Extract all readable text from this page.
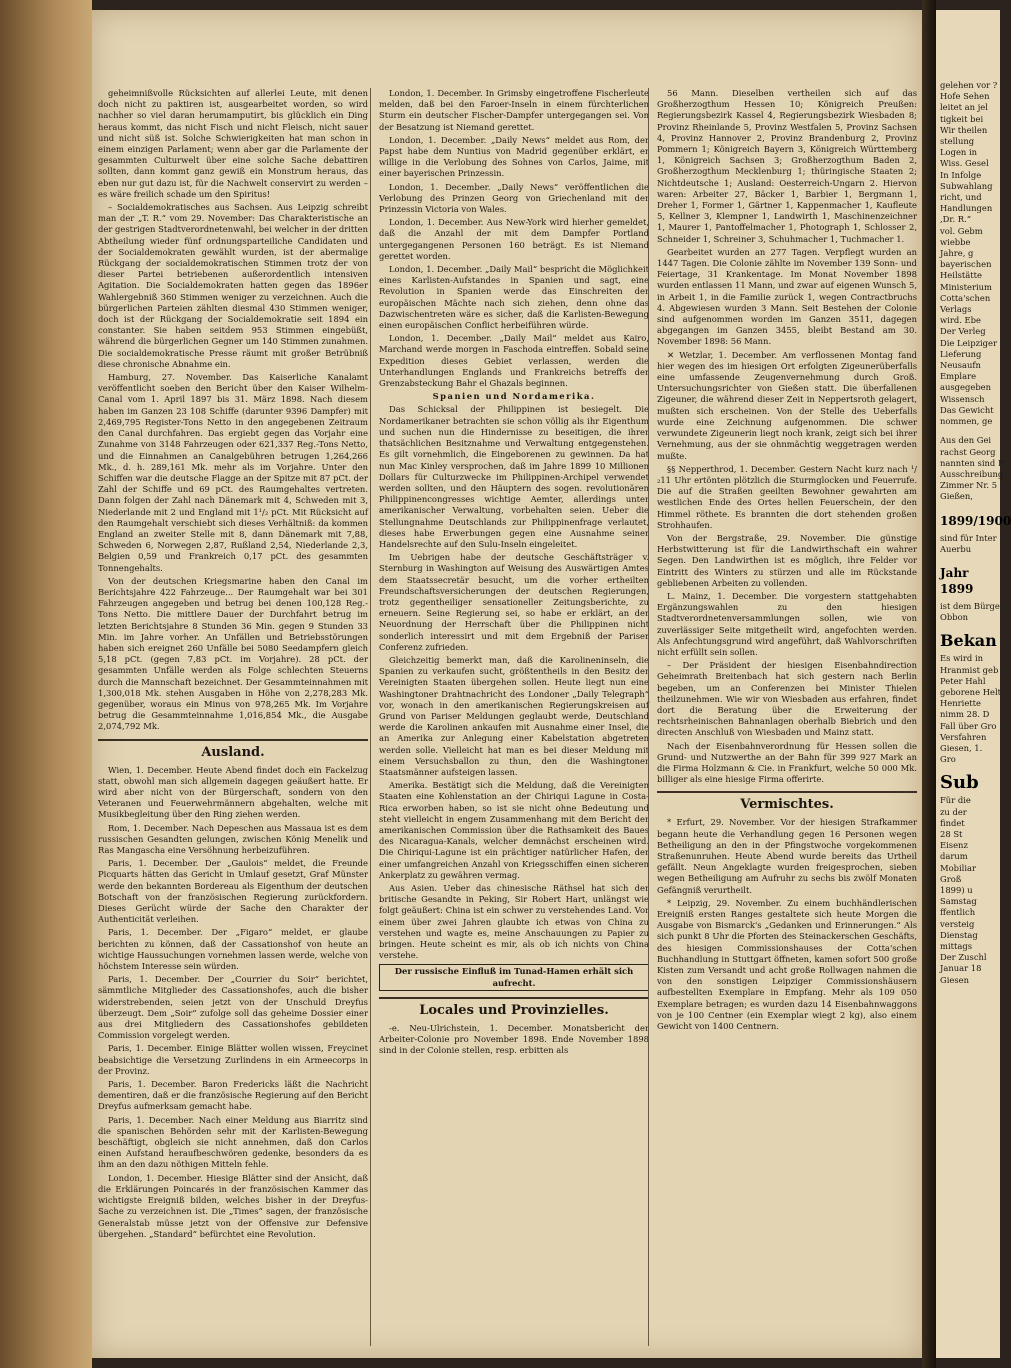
geheimnißvolle Rücksichten auf allerlei Leute, mit denen doch nicht zu paktiren ist, ausgearbeitet worden, so wird nachher so viel daran herumamputirt, bis glücklich ein Ding heraus kommt, das nicht Fisch und nicht Fleisch, nicht sauer und nicht süß ist. Solche Schwierigkeiten hat man schon in einem einzigen Parlament; wenn aber gar die Parlamente der gesammten Culturwelt über eine solche Sache debattiren sollten, dann kommt ganz gewiß ein Monstrum heraus, das eben nur gut dazu ist, für die Nachwelt conservirt zu werden – es wäre freilich schade um den Spiritus!

– Socialdemokratisches aus Sachsen. Aus Leipzig schreibt man der „T. R.“ vom 29. November: Das Charakteristische an der gestrigen Stadtverordnetenwahl, bei welcher in der dritten Abtheilung wieder fünf ordnungsparteiliche Candidaten und der Socialdemokraten gewählt wurden, ist der abermalige Rückgang der socialdemokratischen Stimmen trotz der von dieser Partei betriebenen außerordentlich intensiven Agitation. Die Socialdemokraten hatten gegen das 1896er Wahlergebniß 360 Stimmen weniger zu verzeichnen. Auch die bürgerlichen Parteien zählten diesmal 430 Stimmen weniger, doch ist der Rückgang der Socialdemokratie seit 1894 ein constanter. Sie haben seitdem 953 Stimmen eingebüßt, während die bürgerlichen Gegner um 140 Stimmen zunahmen. Die socialdemokratische Presse räumt mit großer Betrübniß diese chronische Abnahme ein.

Hamburg, 27. November. Das Kaiserliche Kanalamt veröffentlicht soeben den Bericht über den Kaiser Wilhelm-Canal vom 1. April 1897 bis 31. März 1898. Nach diesem haben im Ganzen 23 108 Schiffe (darunter 9396 Dampfer) mit 2,469,795 Register-Tons Netto in den angegebenen Zeitraum den Canal durchfahren. Das ergiebt gegen das Vorjahr eine Zunahme von 3148 Fahrzeugen oder 621,337 Reg.-Tons Netto, und die Einnahmen an Canalgebühren betrugen 1,264,266 Mk., d. h. 289,161 Mk. mehr als im Vorjahre. Unter den Schiffen war die deutsche Flagge an der Spitze mit 87 pCt. der Zahl der Schiffe und 69 pCt. des Raumgehaltes vertreten. Dann folgen der Zahl nach Dänemark mit 4, Schweden mit 3, Niederlande mit 2 und England mit 1¹/₂ pCt. Mit Rücksicht auf den Raumgehalt verschiebt sich dieses Verhältniß: da kommen England an zweiter Stelle mit 8, dann Dänemark mit 7,88, Schweden 6, Norwegen 2,87, Rußland 2,54, Niederlande 2,3, Belgien 0,59 und Frankreich 0,17 pCt. des gesammten Tonnengehalts.

Von der deutschen Kriegsmarine haben den Canal im Berichtsjahre 422 Fahrzeuge... Der Raumgehalt war bei 301 Fahrzeugen angegeben und betrug bei denen 100,128 Reg.-Tons Netto. Die mittlere Dauer der Durchfahrt betrug im letzten Berichtsjahre 8 Stunden 36 Min. gegen 9 Stunden 33 Min. im Jahre vorher. An Unfällen und Betriebsstörungen haben sich ereignet 260 Unfälle bei 5080 Seedampfern gleich 5,18 pCt. (gegen 7,83 pCt. im Vorjahre). 28 pCt. der gesammten Unfälle werden als Folge schlechten Steuerns durch die Mannschaft bezeichnet. Der Gesammteinnahmen mit 1,300,018 Mk. stehen Ausgaben in Höhe von 2,278,283 Mk. gegenüber, woraus ein Minus von 978,265 Mk. Im Vorjahre betrug die Gesammteinnahme 1,016,854 Mk., die Ausgabe 2,074,792 Mk.

Ausland.

Wien, 1. December. Heute Abend findet doch ein Fackelzug statt, obwohl man sich allgemein dagegen geäußert hatte. Er wird aber nicht von der Bürgerschaft, sondern von den Veteranen und Feuerwehrmännern abgehalten, welche mit Musikbegleitung über den Ring ziehen werden.

Rom, 1. December. Nach Depeschen aus Massaua ist es dem russischen Gesandten gelungen, zwischen König Menelik und Ras Mangascha eine Versöhnung herbeizuführen.

Paris, 1. December. Der „Gaulois“ meldet, die Freunde Picquarts hätten das Gericht in Umlauf gesetzt, Graf Münster werde den bekannten Bordereau als Eigenthum der deutschen Botschaft von der französischen Regierung zurückfordern. Dieses Gerücht würde der Sache den Charakter der Authenticität verleihen.

Paris, 1. December. Der „Figaro“ meldet, er glaube berichten zu können, daß der Cassationshof von heute an wichtige Haussuchungen vornehmen lassen werde, welche von höchstem Interesse sein würden.

Paris, 1. December. Der „Courrier du Soir“ berichtet, sämmtliche Mitglieder des Cassationshofes, auch die bisher widerstrebenden, seien jetzt von der Unschuld Dreyfus überzeugt. Dem „Soir“ zufolge soll das geheime Dossier einer aus drei Mitgliedern des Cassationshofes gebildeten Commission vorgelegt werden.

Paris, 1. December. Einige Blätter wollen wissen, Freycinet beabsichtige die Versetzung Zurlindens in ein Armeecorps in der Provinz.

Paris, 1. December. Baron Fredericks läßt die Nachricht dementiren, daß er die französische Regierung auf den Bericht Dreyfus aufmerksam gemacht habe.

Paris, 1. December. Nach einer Meldung aus Biarritz sind die spanischen Behörden sehr mit der Karlisten-Bewegung beschäftigt, obgleich sie nicht annehmen, daß don Carlos einen Aufstand heraufbeschwören gedenke, besonders da es ihm an den dazu nöthigen Mitteln fehle.

London, 1. December. Hiesige Blätter sind der Ansicht, daß die Erklärungen Poincarés in der französischen Kammer das wichtigste Ereigniß bilden, welches bisher in der Dreyfus-Sache zu verzeichnen ist. Die „Times“ sagen, der französische Generalstab müsse jetzt von der Offensive zur Defensive übergehen. „Standard“ befürchtet eine Revolution.

London, 1. December. In Grimsby eingetroffene Fischerleute melden, daß bei den Faroer-Inseln in einem fürchterlichen Sturm ein deutscher Fischer-Dampfer untergegangen sei. Von der Besatzung ist Niemand gerettet.

London, 1. December. „Daily News“ meldet aus Rom, der Papst habe dem Nuntius von Madrid gegenüber erklärt, er willige in die Verlobung des Sohnes von Carlos, Jaime, mit einer bayerischen Prinzessin.

London, 1. December. „Daily News“ veröffentlichen die Verlobung des Prinzen Georg von Griechenland mit der Prinzessin Victoria von Wales.

London, 1. December. Aus New-York wird hierher gemeldet, daß die Anzahl der mit dem Dampfer Portland untergegangenen Personen 160 beträgt. Es ist Niemand gerettet worden.

London, 1. December. „Daily Mail“ bespricht die Möglichkeit eines Karlisten-Aufstandes in Spanien und sagt, eine Revolution in Spanien werde das Einschreiten der europäischen Mächte nach sich ziehen, denn ohne das Dazwischentreten wäre es sicher, daß die Karlisten-Bewegung einen europäischen Conflict herbeiführen würde.

London, 1. December. „Daily Mail“ meldet aus Kairo, Marchand werde morgen in Faschoda eintreffen. Sobald seine Expedition dieses Gebiet verlassen, werden die Unterhandlungen Englands und Frankreichs betreffs der Grenzabsteckung Bahr el Ghazals beginnen.

Spanien und Nordamerika.

Das Schicksal der Philippinen ist besiegelt. Die Nordamerikaner betrachten sie schon völlig als ihr Eigenthum und suchen nun die Hindernisse zu beseitigen, die ihrer thatsächlichen Besitznahme und Verwaltung entgegenstehen. Es gilt vornehmlich, die Eingeborenen zu gewinnen. Da hat nun Mac Kinley versprochen, daß im Jahre 1899 10 Millionen Dollars für Culturzwecke im Philippinen-Archipel verwendet werden sollten, und den Häuptern des sogen. revolutionären Philippinencongresses wichtige Aemter, allerdings unter amerikanischer Verwaltung, vorbehalten seien. Ueber die Stellungnahme Deutschlands zur Philippinenfrage verlautet, dieses habe Erwerbungen gegen eine Ausnahme seiner Handelsrechte auf den Sulu-Inseln eingeleitet.

Im Uebrigen habe der deutsche Geschäftsträger v. Sternburg in Washington auf Weisung des Auswärtigen Amtes dem Staatssecretär besucht, um die vorher ertheilten Freundschaftsversicherungen der deutschen Regierungen, trotz gegentheiliger sensationeller Zeitungsberichte, zu erneuern. Seine Regierung sei, so habe er erklärt, an der Neuordnung der Herrschaft über die Philippinen nicht sonderlich interessirt und mit dem Ergebniß der Pariser Conferenz zufrieden.

Gleichzeitig bemerkt man, daß die Karolineninseln, die Spanien zu verkaufen sucht, größtentheils in den Besitz der Vereinigten Staaten übergehen sollen. Heute liegt nun eine Washingtoner Drahtnachricht des Londoner „Daily Telegraph“ vor, wonach in den amerikanischen Regierungskreisen auf Grund von Pariser Meldungen geglaubt werde, Deutschland werde die Karolinen ankaufen mit Ausnahme einer Insel, die an Amerika zur Anlegung einer Kabelstation abgetreten werden solle. Vielleicht hat man es bei dieser Meldung mit einem Versuchsballon zu thun, den die Washingtoner Staatsmänner aufsteigen lassen.

Amerika. Bestätigt sich die Meldung, daß die Vereinigten Staaten eine Kohlenstation an der Chiriqui Lagune in Costa-Rica erworben haben, so ist sie nicht ohne Bedeutung und steht vielleicht in engem Zusammenhang mit dem Bericht der amerikanischen Commission über die Rathsamkeit des Baues des Nicaragua-Kanals, welcher demnächst erscheinen wird. Die Chiriqui-Lagune ist ein prächtiger natürlicher Hafen, der einer umfangreichen Anzahl von Kriegsschiffen einen sicheren Ankerplatz zu gewähren vermag.

Aus Asien. Ueber das chinesische Räthsel hat sich der britische Gesandte in Peking, Sir Robert Hart, unlängst wie folgt geäußert: China ist ein schwer zu verstehendes Land. Vor einem über zwei Jahren glaubte ich etwas von China zu verstehen und wagte es, meine Anschauungen zu Papier zu bringen. Heute scheint es mir, als ob ich nichts von China verstehe.

Der russische Einfluß im Tunad-Hamen erhält sich aufrecht.
Locales und Provinzielles.

-e. Neu-Ulrichstein, 1. December. Monatsbericht der Arbeiter-Colonie pro November 1898. Ende November 1898 sind in der Colonie stellen, resp. erbitten als

56 Mann. Dieselben vertheilen sich auf das Großherzogthum Hessen 10; Königreich Preußen: Regierungsbezirk Kassel 4, Regierungsbezirk Wiesbaden 8; Provinz Rheinlande 5, Provinz Westfalen 5, Provinz Sachsen 4, Provinz Hannover 2, Provinz Brandenburg 2, Provinz Pommern 1; Königreich Bayern 3, Königreich Württemberg 1, Königreich Sachsen 3; Großherzogthum Baden 2, Großherzogthum Mecklenburg 1; thüringische Staaten 2; Nichtdeutsche 1; Ausland: Oesterreich-Ungarn 2. Hiervon waren: Arbeiter 27, Bäcker 1, Barbier 1, Bergmann 1, Dreher 1, Former 1, Gärtner 1, Kappenmacher 1, Kaufleute 5, Kellner 3, Klempner 1, Landwirth 1, Maschinenzeichner 1, Maurer 1, Pantoffelmacher 1, Photograph 1, Schlosser 2, Schneider 1, Schreiner 3, Schuhmacher 1, Tuchmacher 1.

Gearbeitet wurden an 277 Tagen. Verpflegt wurden an 1447 Tagen. Die Colonie zählte im November 139 Sonn- und Feiertage, 31 Krankentage. Im Monat November 1898 wurden entlassen 11 Mann, und zwar auf eigenen Wunsch 5, in Arbeit 1, in die Familie zurück 1, wegen Contractbruchs 4. Abgewiesen wurden 3 Mann. Seit Bestehen der Colonie sind aufgenommen worden im Ganzen 3511, dagegen abgegangen im Ganzen 3455, bleibt Bestand am 30. November 1898: 56 Mann.

✕ Wetzlar, 1. December. Am verflossenen Montag fand hier wegen des im hiesigen Ort erfolgten Zigeunerüberfalls eine umfassende Zeugenvernehmung durch Groß. Untersuchungsrichter von Gießen statt. Die überfallenen Zigeuner, die während dieser Zeit in Neppertsroth gelagert, mußten sich erscheinen. Von der Stelle des Ueberfalls wurde eine Zeichnung aufgenommen. Die schwer verwundete Zigeunerin liegt noch krank, zeigt sich bei ihrer Vernehmung, aus der sie ohnmächtig weggetragen werden mußte.

§§ Nepperthrod, 1. December. Gestern Nacht kurz nach ¹/₂11 Uhr ertönten plötzlich die Sturmglocken und Feuerrufe. Die auf die Straßen geeilten Bewohner gewahrten am westlichen Ende des Ortes hellen Feuerschein, der den Himmel röthete. Es brannten die dort stehenden großen Strohhaufen.

Von der Bergstraße, 29. November. Die günstige Herbstwitterung ist für die Landwirthschaft ein wahrer Segen. Den Landwirthen ist es möglich, ihre Felder vor Eintritt des Winters zu stürzen und alle im Rückstande gebliebenen Arbeiten zu vollenden.

L. Mainz, 1. December. Die vorgestern stattgehabten Ergänzungswahlen zu den hiesigen Stadtverordnetenversammlungen sollen, wie von zuverlässiger Seite mitgetheilt wird, angefochten werden. Als Anfechtungsgrund wird angeführt, daß Wahlvorschriften nicht erfüllt sein sollen.

– Der Präsident der hiesigen Eisenbahndirection Geheimrath Breitenbach hat sich gestern nach Berlin begeben, um an Conferenzen bei Minister Thielen theilzunehmen. Wie wir von Wiesbaden aus erfahren, findet dort die Beratung über die Erweiterung der rechtsrheinischen Bahnanlagen oberhalb Biebrich und den directen Anschluß von Wiesbaden und Mainz statt.

Nach der Eisenbahnverordnung für Hessen sollen die Grund- und Nutzwerthe an der Bahn für 399 927 Mark an die Firma Holzmann & Cie. in Frankfurt, welche 50 000 Mk. billiger als eine hiesige Firma offerirte.

Vermischtes.

* Erfurt, 29. November. Vor der hiesigen Strafkammer begann heute die Verhandlung gegen 16 Personen wegen Betheiligung an den in der Pfingstwoche vorgekommenen Straßenunruhen. Heute Abend wurde bereits das Urtheil gefällt. Neun Angeklagte wurden freigesprochen, sieben wegen Betheiligung am Aufruhr zu sechs bis zwölf Monaten Gefängniß verurtheilt.

* Leipzig, 29. November. Zu einem buchhändlerischen Ereigniß ersten Ranges gestaltete sich heute Morgen die Ausgabe von Bismarck's „Gedanken und Erinnerungen.“ Als sich punkt 8 Uhr die Pforten des Steinackerschen Geschäfts, des hiesigen Commissionshauses der Cotta'schen Buchhandlung in Stuttgart öffneten, kamen sofort 500 große Kisten zum Versandt und acht große Rollwagen nahmen die von den sonstigen Leipziger Commissionshäusern aufbestellten Exemplare in Empfang. Mehr als 109 050 Exemplare betragen; es wurden dazu 14 Eisenbahnwaggons von je 100 Centner (ein Exemplar wiegt 2 kg), also einem Gewicht von 1400 Centnern.

gelehen vor ?
Hofe Sehen
leitet an jel
tigkeit bei
Wir theilen
stellung
Logen in
Wiss. Gesel
In Infolge
Subwahlang
richt, und
Handlungen
,Dr. R.“
vol. Gebm
wiebbe
Jahre, g
bayerischen
Heilstätte
Ministerium
Cotta'schen
Verlags
wird. Ebe
Der Verleg
Die Leipziger
Lieferung
Neusaufn
Emplare
ausgegeben
Wissensch
Das Gewicht
nommen, ge
Aus den Gei
rachst Georg
nannten sind F
Ausschreibung
Zimmer Nr. 5
Gießen,
1899/1900
sind für Inter
Auerbu
Jahr 1899
ist dem Bürge
Obbon
Bekan
Es wird in
Hranmist geb
Peter Hahl
geborene Helt
Henriette
nimm 28. D
Fall über Gro
Versfahren
Giesen, 1.
Gro
Sub
Für die
zu der
findet
28 St
Eisenz
darum
Mobiliar
Groß
1899) u
Samstag
ffentlich
versteig
Dienstag
mittags
Der Zuschl
Januar 18
Giesen
